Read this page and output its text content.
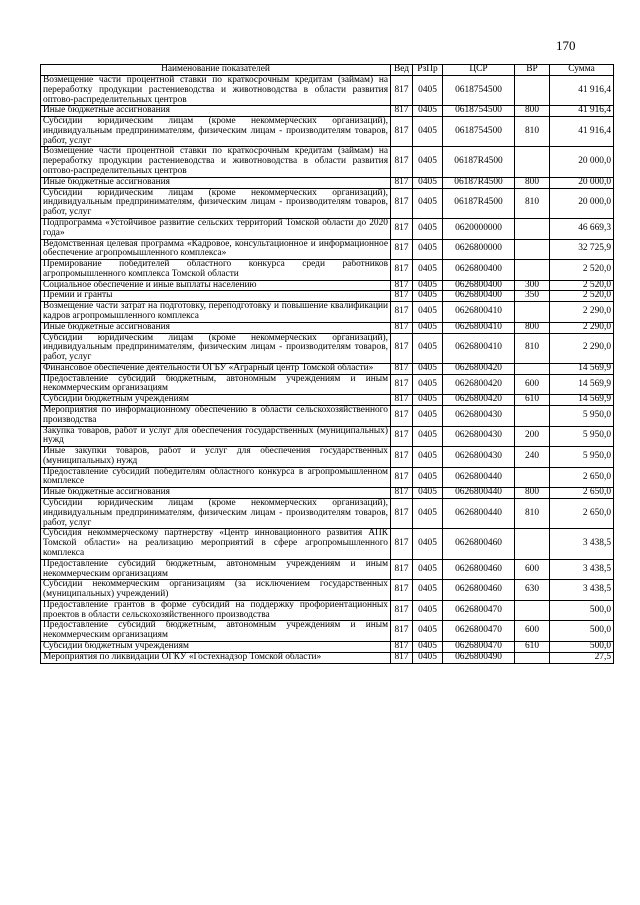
170
Наименование показателей	Вед	РзПр	ЦСР	ВР	Сумма
Возмещение части процентной ставки по краткосрочным кредитам (займам) на переработку продукции растениеводства и животноводства в области развития оптово-распределительных центров	817	0405	0618754500		41 916,4
Иные бюджетные ассигнования	817	0405	0618754500	800	41 916,4
Субсидии юридическим лицам (кроме некоммерческих организаций), индивидуальным предпринимателям, физическим лицам - производителям товаров, работ, услуг	817	0405	0618754500	810	41 916,4
Возмещение части процентной ставки по краткосрочным кредитам (займам) на переработку продукции растениеводства и животноводства в области развития оптово-распределительных центров	817	0405	06187R4500		20 000,0
Иные бюджетные ассигнования	817	0405	06187R4500	800	20 000,0
Субсидии юридическим лицам (кроме некоммерческих организаций), индивидуальным предпринимателям, физическим лицам - производителям товаров, работ, услуг	817	0405	06187R4500	810	20 000,0
Подпрограмма «Устойчивое развитие сельских территорий Томской области до 2020 года»	817	0405	0620000000		46 669,3
Ведомственная целевая программа «Кадровое, консультационное и информационное обеспечение агропромышленного комплекса»	817	0405	0626800000		32 725,9
Премирование победителей областного конкурса среди работников агропромышленного комплекса Томской области	817	0405	0626800400		2 520,0
Социальное обеспечение и иные выплаты населению	817	0405	0626800400	300	2 520,0
Премии и гранты	817	0405	0626800400	350	2 520,0
Возмещение части затрат на подготовку, переподготовку и повышение квалификации кадров агропромышленного комплекса	817	0405	0626800410		2 290,0
Иные бюджетные ассигнования	817	0405	0626800410	800	2 290,0
Субсидии юридическим лицам (кроме некоммерческих организаций), индивидуальным предпринимателям, физическим лицам - производителям товаров, работ, услуг	817	0405	0626800410	810	2 290,0
Финансовое обеспечение деятельности ОГБУ «Аграрный центр Томской области»	817	0405	0626800420		14 569,9
Предоставление субсидий бюджетным, автономным учреждениям и иным некоммерческим организациям	817	0405	0626800420	600	14 569,9
Субсидии бюджетным учреждениям	817	0405	0626800420	610	14 569,9
Мероприятия по информационному обеспечению в области сельскохозяйственного производства	817	0405	0626800430		5 950,0
Закупка товаров, работ и услуг для обеспечения государственных (муниципальных) нужд	817	0405	0626800430	200	5 950,0
Иные закупки товаров, работ и услуг для обеспечения государственных (муниципальных) нужд	817	0405	0626800430	240	5 950,0
Предоставление субсидий победителям областного конкурса в агропромышленном комплексе	817	0405	0626800440		2 650,0
Иные бюджетные ассигнования	817	0405	0626800440	800	2 650,0
Субсидии юридическим лицам (кроме некоммерческих организаций), индивидуальным предпринимателям, физическим лицам - производителям товаров, работ, услуг	817	0405	0626800440	810	2 650,0
Субсидия некоммерческому партнерству «Центр инновационного развития АПК Томской области» на реализацию мероприятий в сфере агропромышленного комплекса	817	0405	0626800460		3 438,5
Предоставление субсидий бюджетным, автономным учреждениям и иным некоммерческим организациям	817	0405	0626800460	600	3 438,5
Субсидии некоммерческим организациям (за исключением государственных (муниципальных) учреждений)	817	0405	0626800460	630	3 438,5
Предоставление грантов в форме субсидий на поддержку профориентационных проектов в области сельскохозяйственного производства	817	0405	0626800470		500,0
Предоставление субсидий бюджетным, автономным учреждениям и иным некоммерческим организациям	817	0405	0626800470	600	500,0
Субсидии бюджетным учреждениям	817	0405	0626800470	610	500,0
Мероприятия по ликвидации ОГКУ «Гостехнадзор Томской области»	817	0405	0626800490		27,5
